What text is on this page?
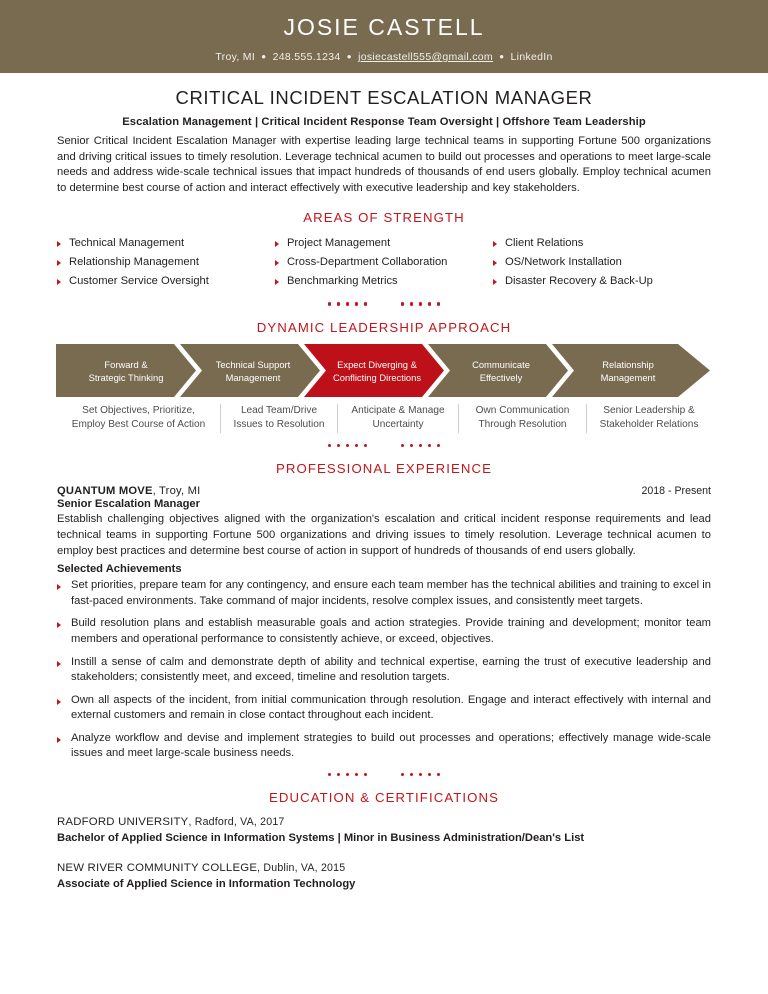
JOSIE CASTELL
Troy, MI ● 248.555.1234 ● josiecastell555@gmail.com ● LinkedIn
CRITICAL INCIDENT ESCALATION MANAGER
Escalation Management | Critical Incident Response Team Oversight | Offshore Team Leadership
Senior Critical Incident Escalation Manager with expertise leading large technical teams in supporting Fortune 500 organizations and driving critical issues to timely resolution. Leverage technical acumen to build out processes and operations to meet large-scale needs and address wide-scale technical issues that impact hundreds of thousands of end users globally. Employ technical acumen to determine best course of action and interact effectively with executive leadership and key stakeholders.
AREAS OF STRENGTH
Technical Management
Relationship Management
Customer Service Oversight
Project Management
Cross-Department Collaboration
Benchmarking Metrics
Client Relations
OS/Network Installation
Disaster Recovery & Back-Up
DYNAMIC LEADERSHIP APPROACH
Forward &
Strategic Thinking
Technical Support
Management
Expect Diverging &
Conflicting Directions
Communicate
Effectively
Relationship
Management
Set Objectives, Prioritize,
Employ Best Course of Action
Lead Team/Drive
Issues to Resolution
Anticipate & Manage
Uncertainty
Own Communication
Through Resolution
Senior Leadership &
Stakeholder Relations
PROFESSIONAL EXPERIENCE
QUANTUM MOVE, Troy, MI	2018 - Present
Senior Escalation Manager
Establish challenging objectives aligned with the organization's escalation and critical incident response requirements and lead technical teams in supporting Fortune 500 organizations and driving issues to timely resolution. Leverage technical acumen to employ best practices and determine best course of action in support of hundreds of thousands of end users globally.
Selected Achievements
Set priorities, prepare team for any contingency, and ensure each team member has the technical abilities and training to excel in fast-paced environments. Take command of major incidents, resolve complex issues, and consistently meet targets.
Build resolution plans and establish measurable goals and action strategies. Provide training and development; monitor team members and operational performance to consistently achieve, or exceed, objectives.
Instill a sense of calm and demonstrate depth of ability and technical expertise, earning the trust of executive leadership and stakeholders; consistently meet, and exceed, timeline and resolution targets.
Own all aspects of the incident, from initial communication through resolution. Engage and interact effectively with internal and external customers and remain in close contact throughout each incident.
Analyze workflow and devise and implement strategies to build out processes and operations; effectively manage wide-scale issues and meet large-scale business needs.
EDUCATION & CERTIFICATIONS
RADFORD UNIVERSITY, Radford, VA, 2017
Bachelor of Applied Science in Information Systems | Minor in Business Administration/Dean's List
NEW RIVER COMMUNITY COLLEGE, Dublin, VA, 2015
Associate of Applied Science in Information Technology
